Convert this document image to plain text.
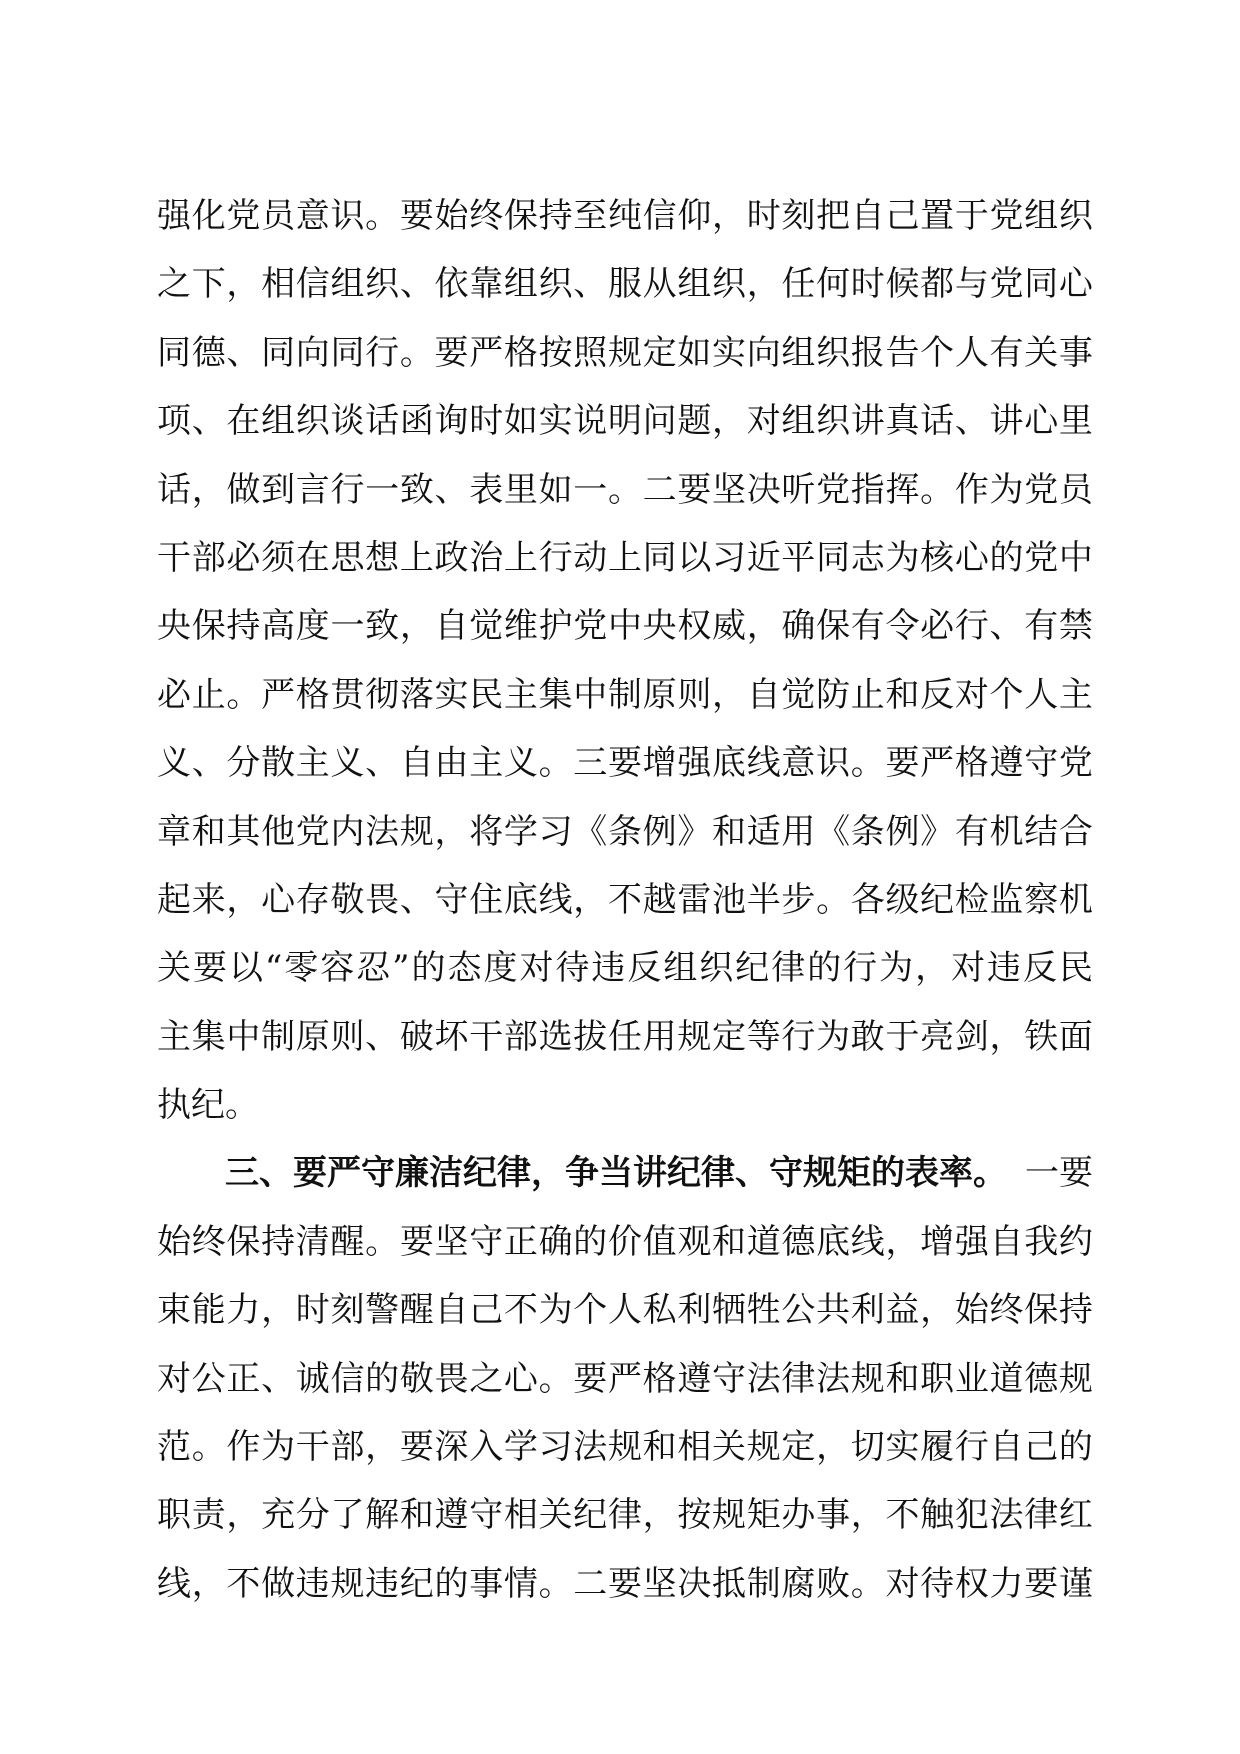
强 化 党 员 意 识 。 要 始 终 保 持 至 纯 信 仰 ， 时 刻 把 自 己 置 于 党 组 织
之 下 ， 相 信 组 织 、 依 靠 组 织 、 服 从 组 织 ， 任 何 时 候 都 与 党 同 心
同 德 、 同 向 同 行 。 要 严 格 按 照 规 定 如 实 向 组 织 报 告 个 人 有 关 事
项 、 在 组 织 谈 话 函 询 时 如 实 说 明 问 题 ， 对 组 织 讲 真 话 、 讲 心 里
话 ， 做 到 言 行 一 致 、 表 里 如 一 。 二 要 坚 决 听 党 指 挥 。 作 为 党 员
干 部 必 须 在 思 想 上 政 治 上 行 动 上 同 以 习 近 平 同 志 为 核 心 的 党 中
央 保 持 高 度 一 致 ， 自 觉 维 护 党 中 央 权 威 ， 确 保 有 令 必 行 、 有 禁
必 止 。 严 格 贯 彻 落 实 民 主 集 中 制 原 则 ， 自 觉 防 止 和 反 对 个 人 主
义 、 分 散 主 义 、 自 由 主 义 。 三 要 增 强 底 线 意 识 。 要 严 格 遵 守 党
章 和 其 他 党 内 法 规 ， 将 学 习 《 条 例 》 和 适 用 《 条 例 》 有 机 结 合
起 来 ， 心 存 敬 畏 、 守 住 底 线 ， 不 越 雷 池 半 步 。 各 级 纪 检 监 察 机
关 要 以 “ 零 容 忍 ” 的 态 度 对 待 违 反 组 织 纪 律 的 行 为 ， 对 违 反 民
主 集 中 制 原 则 、 破 坏 干 部 选 拔 任 用 规 定 等 行 为 敢 于 亮 剑 ， 铁 面
执纪。
三、要严守廉洁纪律，争当讲纪律、守规矩的表率。 一要
始 终 保 持 清 醒 。 要 坚 守 正 确 的 价 值 观 和 道 德 底 线 ， 增 强 自 我 约
束 能 力 ， 时 刻 警 醒 自 己 不 为 个 人 私 利 牺 牲 公 共 利 益 ， 始 终 保 持
对 公 正 、 诚 信 的 敬 畏 之 心 。 要 严 格 遵 守 法 律 法 规 和 职 业 道 德 规
范 。 作 为 干 部 ， 要 深 入 学 习 法 规 和 相 关 规 定 ， 切 实 履 行 自 己 的
职 责 ， 充 分 了 解 和 遵 守 相 关 纪 律 ， 按 规 矩 办 事 ， 不 触 犯 法 律 红
线 ， 不 做 违 规 违 纪 的 事 情 。 二 要 坚 决 抵 制 腐 败 。 对 待 权 力 要 谨
